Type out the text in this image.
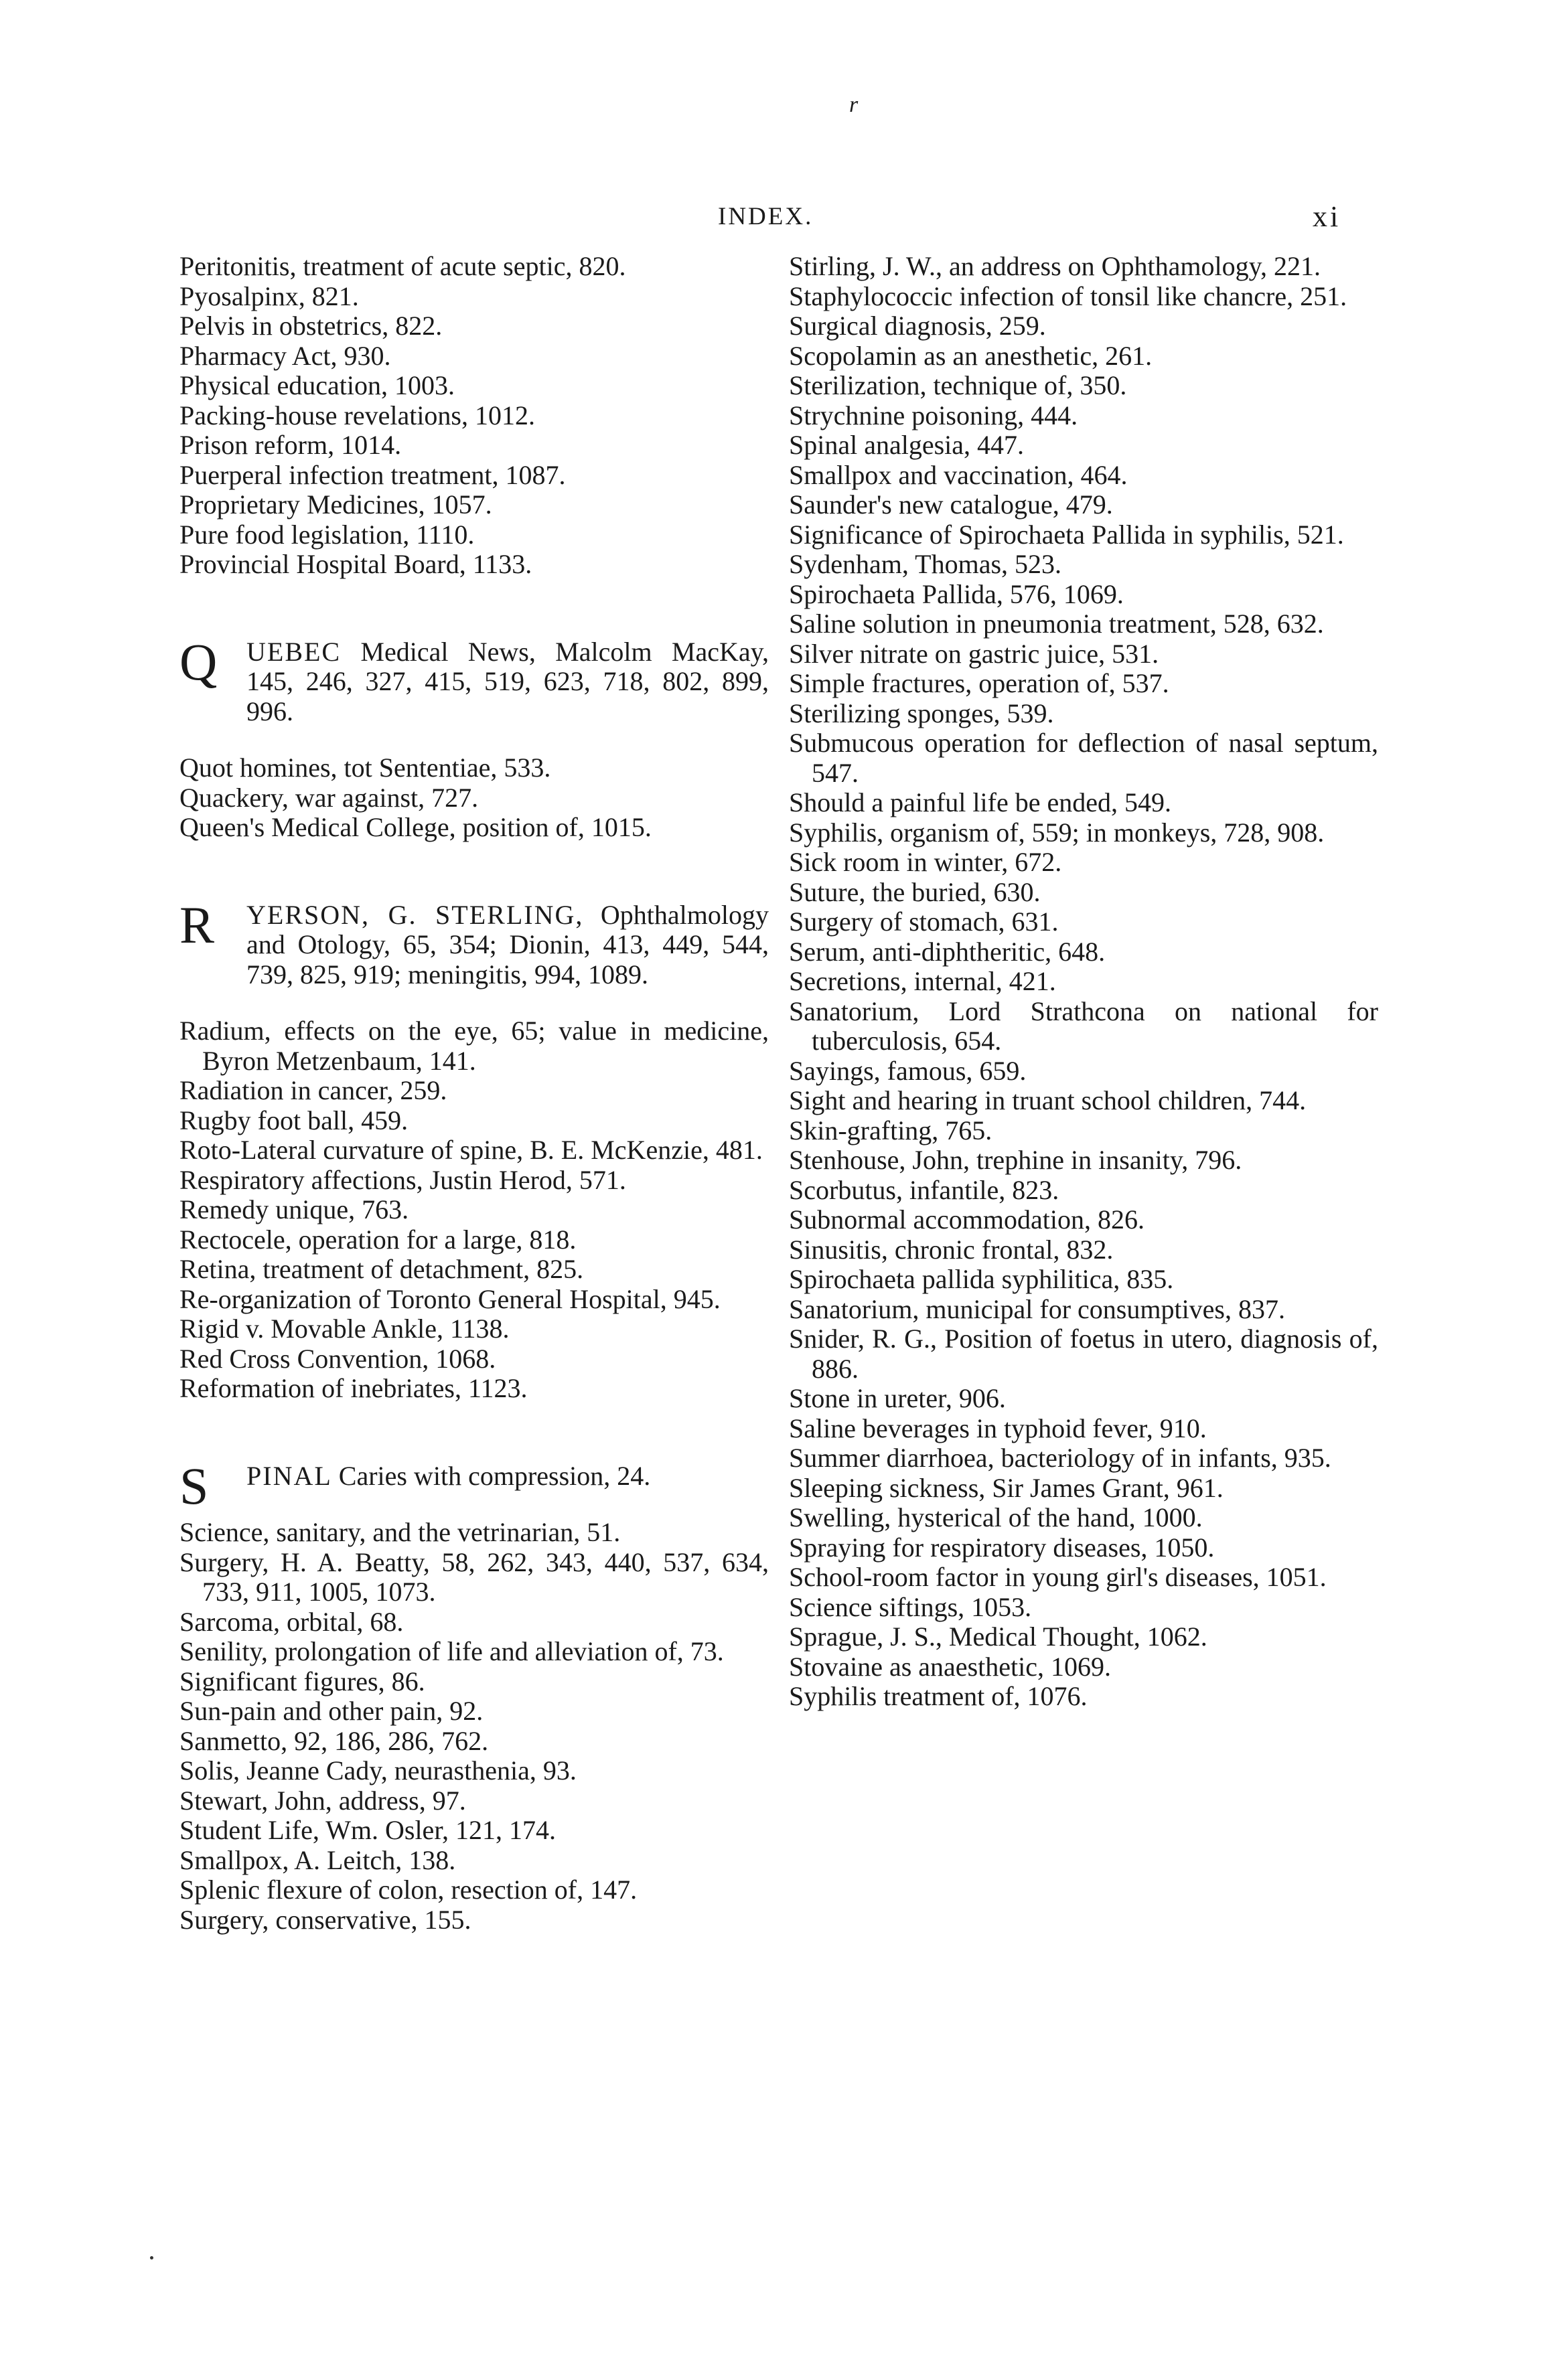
r
INDEX.	xi

Peritonitis, treatment of acute septic, 820.

Pyosalpinx, 821.

Pelvis in obstetrics, 822.

Pharmacy Act, 930.

Physical education, 1003.

Packing-house revelations, 1012.

Prison reform, 1014.

Puerperal infection treatment, 1087.

Proprietary Medicines, 1057.

Pure food legislation, 1110.

Provincial Hospital Board, 1133.

Q UEBEC Medical News, Malcolm MacKay, 145, 246, 327, 415, 519, 623, 718, 802, 899, 996.

Quot homines, tot Sententiae, 533.

Quackery, war against, 727.

Queen's Medical College, position of, 1015.

R YERSON, G. STERLING, Ophthalmology and Otology, 65, 354; Dionin, 413, 449, 544, 739, 825, 919; meningitis, 994, 1089.

Radium, effects on the eye, 65; value in medicine, Byron Metzenbaum, 141.

Radiation in cancer, 259.

Rugby foot ball, 459.

Roto-Lateral curvature of spine, B. E. McKenzie, 481.

Respiratory affections, Justin Herod, 571.

Remedy unique, 763.

Rectocele, operation for a large, 818.

Retina, treatment of detachment, 825.

Re-organization of Toronto General Hospital, 945.

Rigid v. Movable Ankle, 1138.

Red Cross Convention, 1068.

Reformation of inebriates, 1123.

S PINAL Caries with compression, 24.

Science, sanitary, and the vetrinarian, 51.

Surgery, H. A. Beatty, 58, 262, 343, 440, 537, 634, 733, 911, 1005, 1073.

Sarcoma, orbital, 68.

Senility, prolongation of life and alleviation of, 73.

Significant figures, 86.

Sun-pain and other pain, 92.

Sanmetto, 92, 186, 286, 762.

Solis, Jeanne Cady, neurasthenia, 93.

Stewart, John, address, 97.

Student Life, Wm. Osler, 121, 174.

Smallpox, A. Leitch, 138.

Splenic flexure of colon, resection of, 147.

Surgery, conservative, 155.

Stirling, J. W., an address on Ophthamology, 221.

Staphylococcic infection of tonsil like chancre, 251.

Surgical diagnosis, 259.

Scopolamin as an anesthetic, 261.

Sterilization, technique of, 350.

Strychnine poisoning, 444.

Spinal analgesia, 447.

Smallpox and vaccination, 464.

Saunder's new catalogue, 479.

Significance of Spirochaeta Pallida in syphilis, 521.

Sydenham, Thomas, 523.

Spirochaeta Pallida, 576, 1069.

Saline solution in pneumonia treatment, 528, 632.

Silver nitrate on gastric juice, 531.

Simple fractures, operation of, 537.

Sterilizing sponges, 539.

Submucous operation for deflection of nasal septum, 547.

Should a painful life be ended, 549.

Syphilis, organism of, 559; in monkeys, 728, 908.

Sick room in winter, 672.

Suture, the buried, 630.

Surgery of stomach, 631.

Serum, anti-diphtheritic, 648.

Secretions, internal, 421.

Sanatorium, Lord Strathcona on national for tuberculosis, 654.

Sayings, famous, 659.

Sight and hearing in truant school children, 744.

Skin-grafting, 765.

Stenhouse, John, trephine in insanity, 796.

Scorbutus, infantile, 823.

Subnormal accommodation, 826.

Sinusitis, chronic frontal, 832.

Spirochaeta pallida syphilitica, 835.

Sanatorium, municipal for consumptives, 837.

Snider, R. G., Position of foetus in utero, diagnosis of, 886.

Stone in ureter, 906.

Saline beverages in typhoid fever, 910.

Summer diarrhoea, bacteriology of in infants, 935.

Sleeping sickness, Sir James Grant, 961.

Swelling, hysterical of the hand, 1000.

Spraying for respiratory diseases, 1050.

School-room factor in young girl's diseases, 1051.

Science siftings, 1053.

Sprague, J. S., Medical Thought, 1062.

Stovaine as anaesthetic, 1069.

Syphilis treatment of, 1076.
